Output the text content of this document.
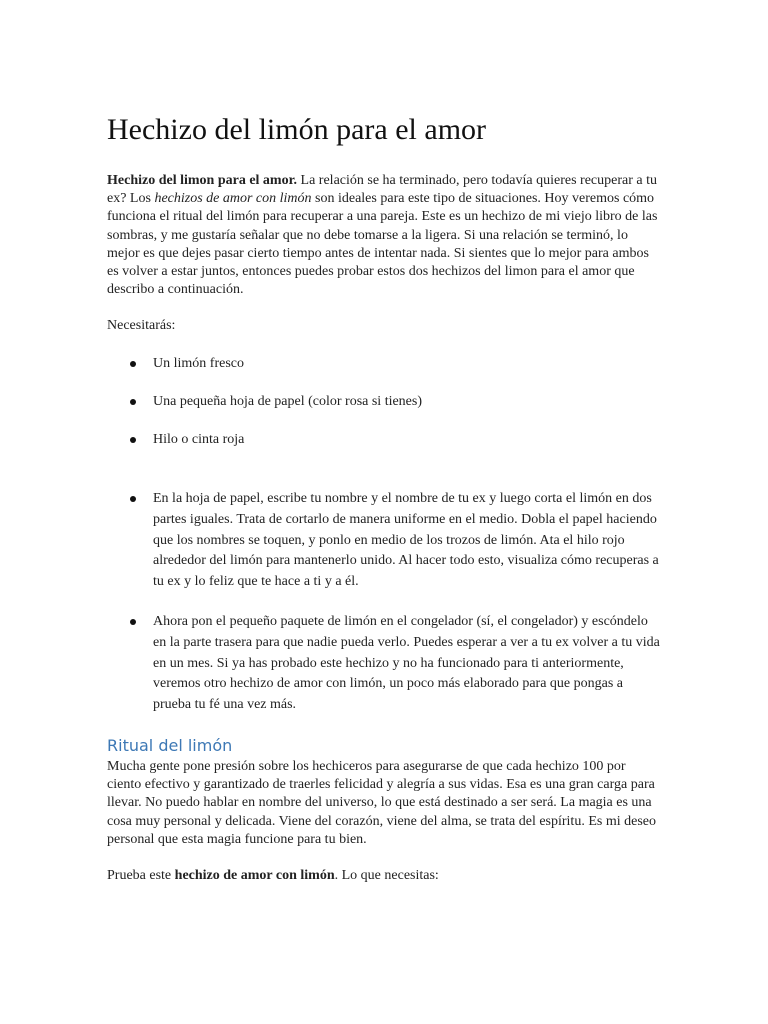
Hechizo del limón para el amor

Hechizo del limon para el amor. La relación se ha terminado, pero todavía quieres recuperar a tu ex? Los hechizos de amor con limón son ideales para este tipo de situaciones. Hoy veremos cómo funciona el ritual del limón para recuperar a una pareja. Este es un hechizo de mi viejo libro de las sombras, y me gustaría señalar que no debe tomarse a la ligera. Si una relación se terminó, lo mejor es que dejes pasar cierto tiempo antes de intentar nada. Si sientes que lo mejor para ambos es volver a estar juntos, entonces puedes probar estos dos hechizos del limon para el amor que describo a continuación.

Necesitarás:

Un limón fresco
Una pequeña hoja de papel (color rosa si tienes)
Hilo o cinta roja
En la hoja de papel, escribe tu nombre y el nombre de tu ex y luego corta el limón en dos partes iguales. Trata de cortarlo de manera uniforme en el medio. Dobla el papel haciendo que los nombres se toquen, y ponlo en medio de los trozos de limón. Ata el hilo rojo alrededor del limón para mantenerlo unido. Al hacer todo esto, visualiza cómo recuperas a tu ex y lo feliz que te hace a ti y a él.
Ahora pon el pequeño paquete de limón en el congelador (sí, el congelador) y escóndelo en la parte trasera para que nadie pueda verlo. Puedes esperar a ver a tu ex volver a tu vida en un mes. Si ya has probado este hechizo y no ha funcionado para ti anteriormente, veremos otro hechizo de amor con limón, un poco más elaborado para que pongas a prueba tu fé una vez más.
Ritual del limón

Mucha gente pone presión sobre los hechiceros para asegurarse de que cada hechizo 100 por ciento efectivo y garantizado de traerles felicidad y alegría a sus vidas. Esa es una gran carga para llevar. No puedo hablar en nombre del universo, lo que está destinado a ser será. La magia es una cosa muy personal y delicada. Viene del corazón, viene del alma, se trata del espíritu. Es mi deseo personal que esta magia funcione para tu bien.

Prueba este hechizo de amor con limón. Lo que necesitas:
